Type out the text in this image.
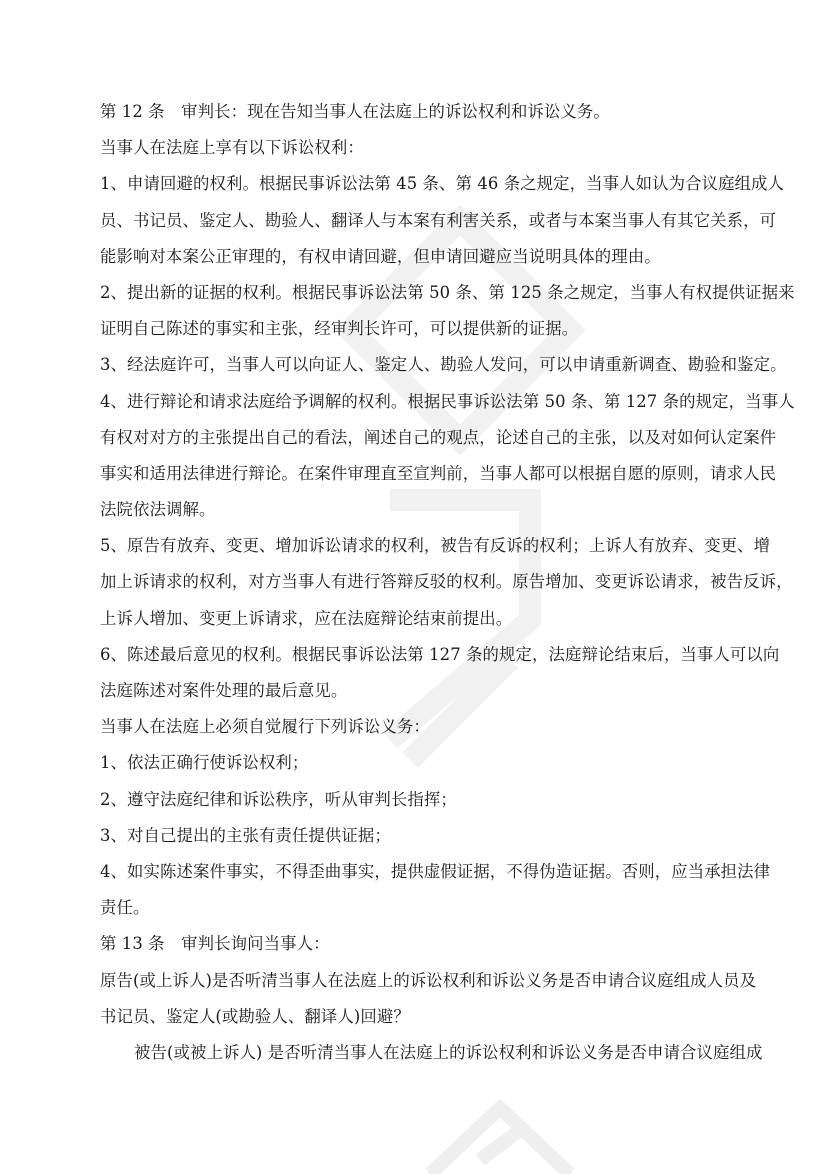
第 12 条　审判长：现在告知当事人在法庭上的诉讼权利和诉讼义务。
当事人在法庭上享有以下诉讼权利：
1、申请回避的权利。根据民事诉讼法第 45 条、第 46 条之规定，当事人如认为合议庭组成人
员、书记员、鉴定人、勘验人、翻译人与本案有利害关系，或者与本案当事人有其它关系，可
能影响对本案公正审理的，有权申请回避，但申请回避应当说明具体的理由。
2、提出新的证据的权利。根据民事诉讼法第 50 条、第 125 条之规定，当事人有权提供证据来
证明自己陈述的事实和主张，经审判长许可，可以提供新的证据。
3、经法庭许可，当事人可以向证人、鉴定人、勘验人发问，可以申请重新调查、勘验和鉴定。
4、进行辩论和请求法庭给予调解的权利。根据民事诉讼法第 50 条、第 127 条的规定，当事人
有权对对方的主张提出自己的看法，阐述自己的观点，论述自己的主张，以及对如何认定案件
事实和适用法律进行辩论。在案件审理直至宣判前，当事人都可以根据自愿的原则，请求人民
法院依法调解。
5、原告有放弃、变更、增加诉讼请求的权利，被告有反诉的权利；上诉人有放弃、变更、增
加上诉请求的权利，对方当事人有进行答辩反驳的权利。原告增加、变更诉讼请求，被告反诉，
上诉人增加、变更上诉请求，应在法庭辩论结束前提出。
6、陈述最后意见的权利。根据民事诉讼法第 127 条的规定，法庭辩论结束后，当事人可以向
法庭陈述对案件处理的最后意见。
当事人在法庭上必须自觉履行下列诉讼义务：
1、依法正确行使诉讼权利；
2、遵守法庭纪律和诉讼秩序，听从审判长指挥；
3、对自己提出的主张有责任提供证据；
4、如实陈述案件事实，不得歪曲事实，提供虚假证据，不得伪造证据。否则，应当承担法律
责任。
第 13 条　审判长询问当事人：
原告(或上诉人)是否听清当事人在法庭上的诉讼权利和诉讼义务是否申请合议庭组成人员及
书记员、鉴定人(或勘验人、翻译人)回避？
被告(或被上诉人) 是否听清当事人在法庭上的诉讼权利和诉讼义务是否申请合议庭组成
